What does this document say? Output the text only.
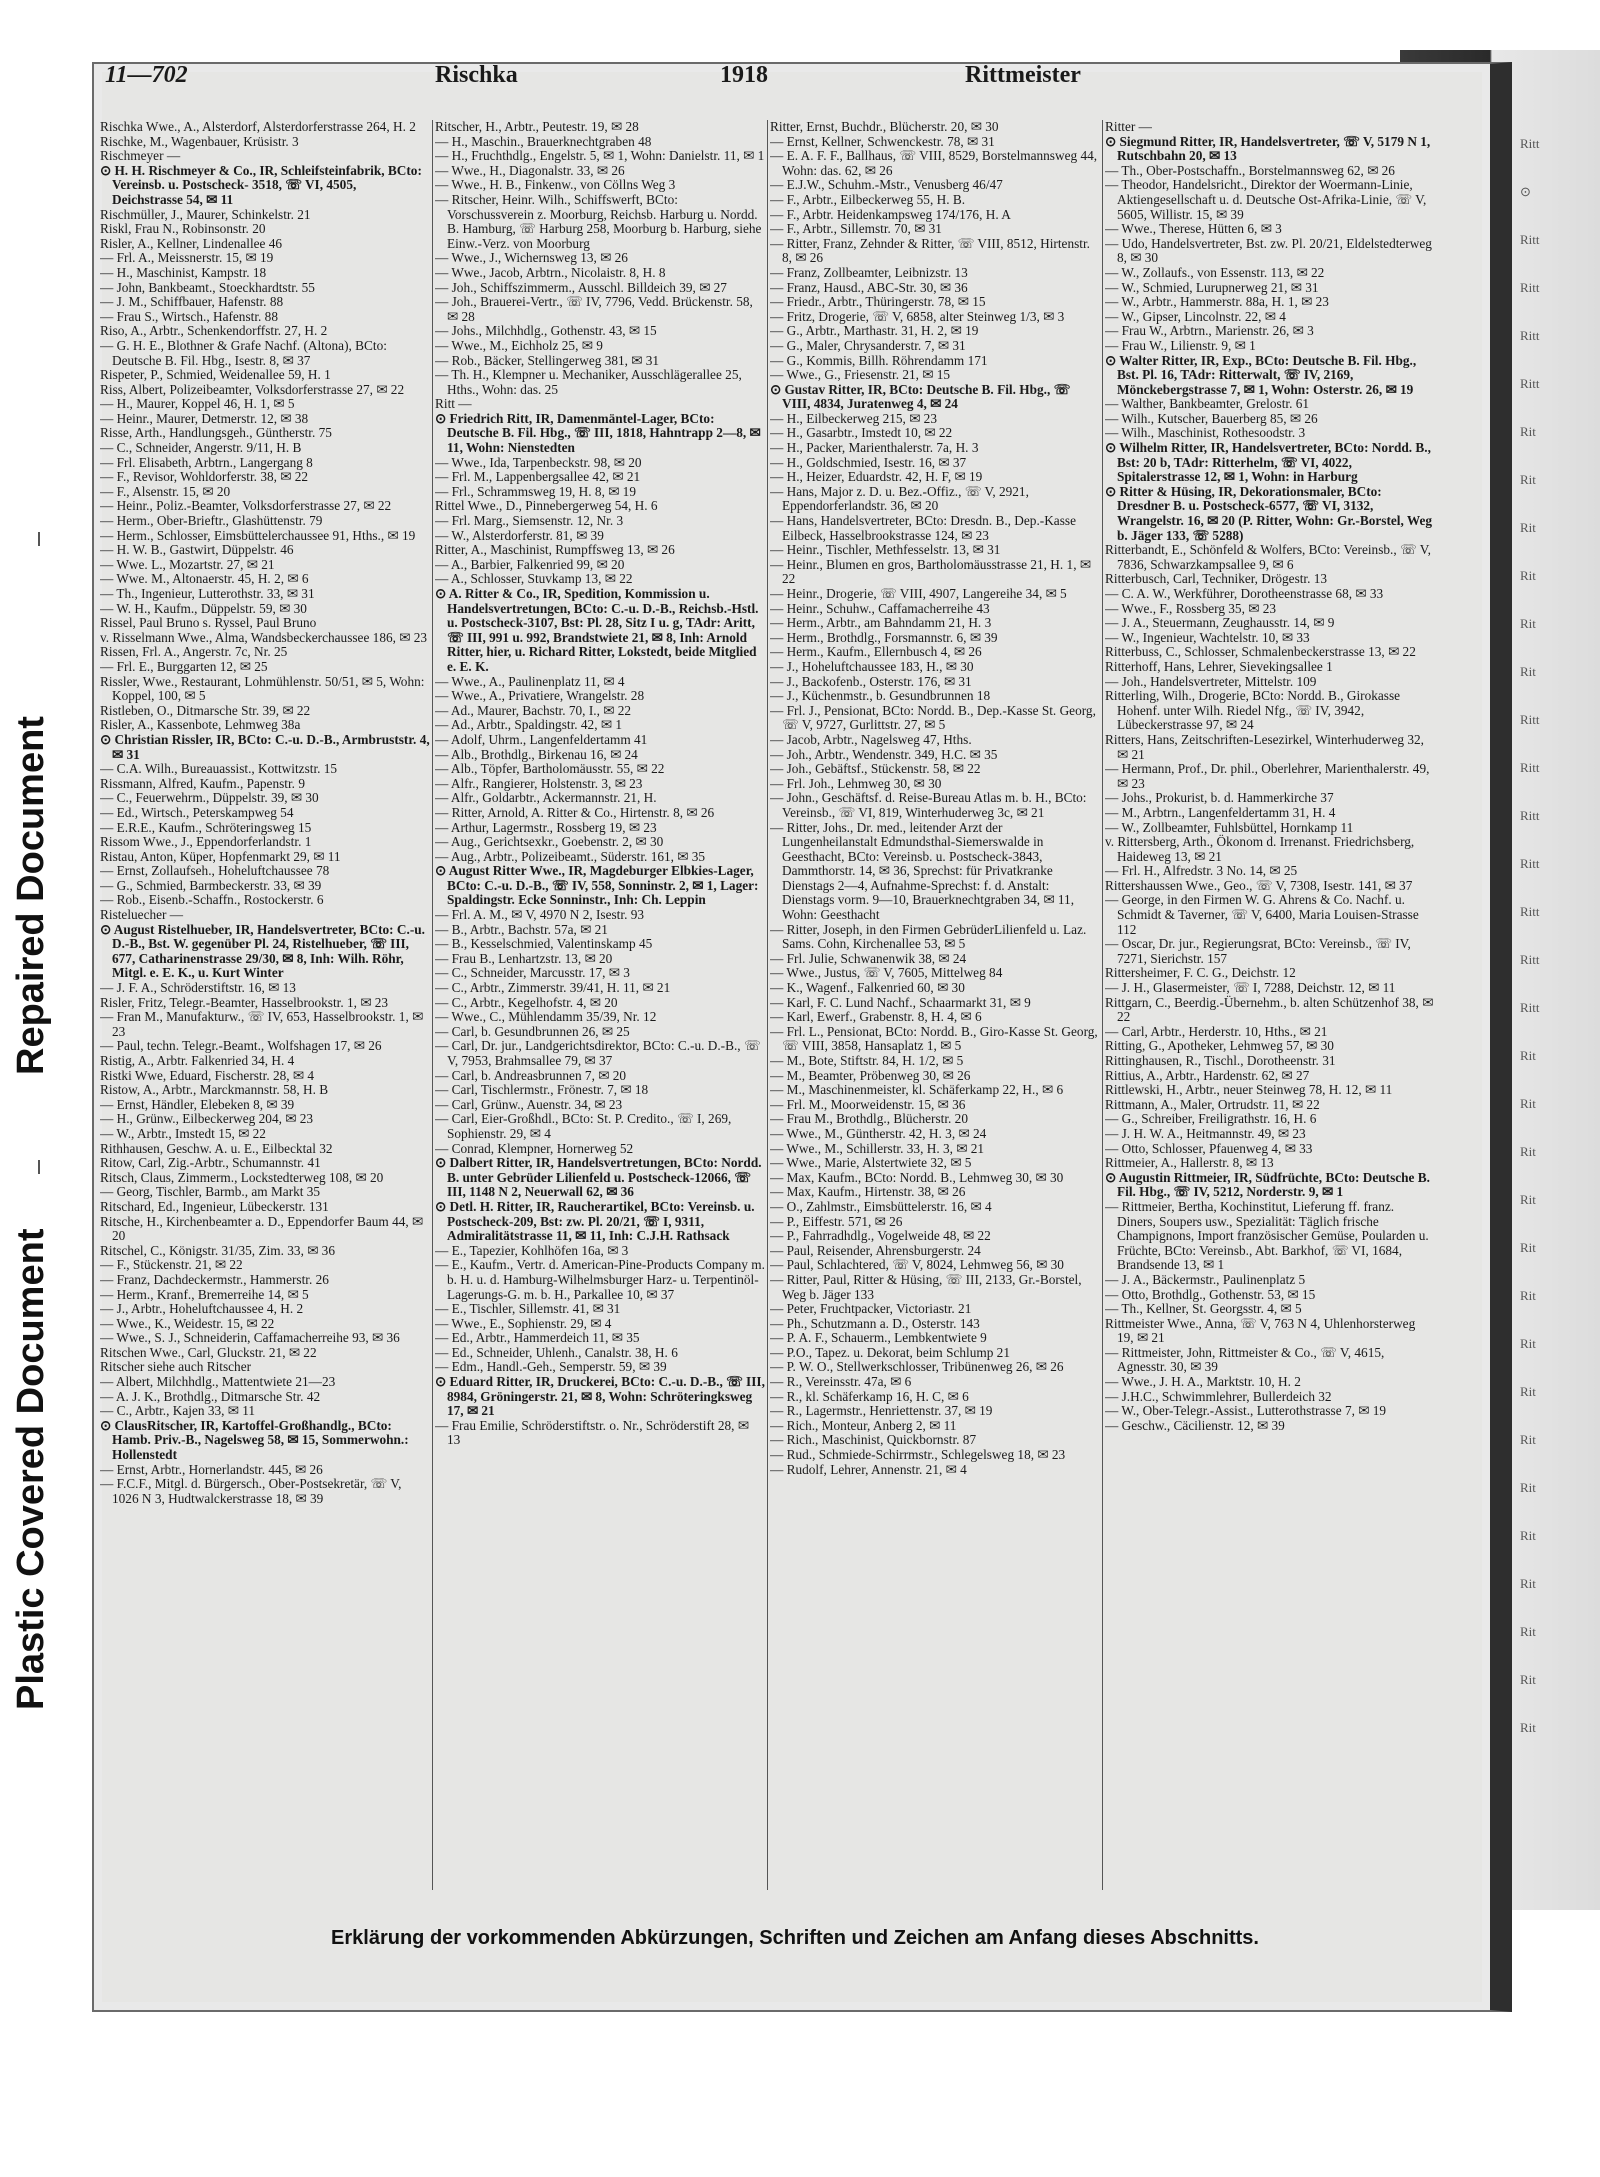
Repaired Document
Plastic Covered Document
11—702	Rischka	1918	Rittmeister

Rischka Wwe., A., Alsterdorf, Alsterdorferstrasse 264, H. 2

Rischke, M., Wagenbauer, Krüsistr. 3

Rischmeyer —

⊙ H. H. Rischmeyer & Co., IR, Schleifsteinfabrik, BCto: Vereinsb. u. Postscheck- 3518, ☏ VI, 4505, Deichstrasse 54, ✉ 11

Rischmüller, J., Maurer, Schinkelstr. 21

Riskl, Frau N., Robinsonstr. 20

Risler, A., Kellner, Lindenallee 46

— Frl. A., Meissnerstr. 15, ✉ 19

— H., Maschinist, Kampstr. 18

— John, Bankbeamt., Stoeckhardtstr. 55

— J. M., Schiffbauer, Hafenstr. 88

— Frau S., Wirtsch., Hafenstr. 88

Riso, A., Arbtr., Schenkendorffstr. 27, H. 2

— G. H. E., Blothner & Grafe Nachf. (Altona), BCto: Deutsche B. Fil. Hbg., Isestr. 8, ✉ 37

Rispeter, P., Schmied, Weidenallee 59, H. 1

Riss, Albert, Polizeibeamter, Volksdorferstrasse 27, ✉ 22

— H., Maurer, Koppel 46, H. 1, ✉ 5

— Heinr., Maurer, Detmerstr. 12, ✉ 38

Risse, Arth., Handlungsgeh., Güntherstr. 75

— C., Schneider, Angerstr. 9/11, H. B

— Frl. Elisabeth, Arbtrn., Langergang 8

— F., Revisor, Wohldorferstr. 38, ✉ 22

— F., Alsenstr. 15, ✉ 20

— Heinr., Poliz.-Beamter, Volksdorferstrasse 27, ✉ 22

— Herm., Ober-Brieftr., Glashüttenstr. 79

— Herm., Schlosser, Eimsbüttelerchaussee 91, Hths., ✉ 19

— H. W. B., Gastwirt, Düppelstr. 46

— Wwe. L., Mozartstr. 27, ✉ 21

— Wwe. M., Altonaerstr. 45, H. 2, ✉ 6

— Th., Ingenieur, Lutterothstr. 33, ✉ 31

— W. H., Kaufm., Düppelstr. 59, ✉ 30

Rissel, Paul Bruno s. Ryssel, Paul Bruno

v. Risselmann Wwe., Alma, Wandsbeckerchaussee 186, ✉ 23

Rissen, Frl. A., Angerstr. 7c, Nr. 25

— Frl. E., Burggarten 12, ✉ 25

Rissler, Wwe., Restaurant, Lohmühlenstr. 50/51, ✉ 5, Wohn: Koppel, 100, ✉ 5

Ristleben, O., Ditmarsche Str. 39, ✉ 22

Risler, A., Kassenbote, Lehmweg 38a

⊙ Christian Rissler, IR, BCto: C.-u. D.-B., Armbruststr. 4, ✉ 31

— C.A. Wilh., Bureauassist., Kottwitzstr. 15

Rissmann, Alfred, Kaufm., Papenstr. 9

— C., Feuerwehrm., Düppelstr. 39, ✉ 30

— Ed., Wirtsch., Peterskampweg 54

— E.R.E., Kaufm., Schröteringsweg 15

Rissom Wwe., J., Eppendorferlandstr. 1

Ristau, Anton, Küper, Hopfenmarkt 29, ✉ 11

— Ernst, Zollaufseh., Hoheluftchaussee 78

— G., Schmied, Barmbeckerstr. 33, ✉ 39

— Rob., Eisenb.-Schaffn., Rostockerstr. 6

Risteluecher —

⊙ August Ristelhueber, IR, Handelsvertreter, BCto: C.-u. D.-B., Bst. W. gegenüber Pl. 24, Ristelhueber, ☏ III, 677, Catharinenstrasse 29/30, ✉ 8, Inh: Wilh. Röhr, Mitgl. e. E. K., u. Kurt Winter

— J. F. A., Schröderstiftstr. 16, ✉ 13

Risler, Fritz, Telegr.-Beamter, Hasselbrookstr. 1, ✉ 23

— Fran M., Manufakturw., ☏ IV, 653, Hasselbrookstr. 1, ✉ 23

— Paul, techn. Telegr.-Beamt., Wolfshagen 17, ✉ 26

Ristig, A., Arbtr. Falkenried 34, H. 4

Ristki Wwe, Eduard, Fischerstr. 28, ✉ 4

Ristow, A., Arbtr., Marckmannstr. 58, H. B

— Ernst, Händler, Elebeken 8, ✉ 39

— H., Grünw., Eilbeckerweg 204, ✉ 23

— W., Arbtr., Imstedt 15, ✉ 22

Rithhausen, Geschw. A. u. E., Eilbecktal 32

Ritow, Carl, Zig.-Arbtr., Schumannstr. 41

Ritsch, Claus, Zimmerm., Lockstedterweg 108, ✉ 20

— Georg, Tischler, Barmb., am Markt 35

Ritschard, Ed., Ingenieur, Lübeckerstr. 131

Ritsche, H., Kirchenbeamter a. D., Eppendorfer Baum 44, ✉ 20

Ritschel, C., Königstr. 31/35, Zim. 33, ✉ 36

— F., Stückenstr. 21, ✉ 22

— Franz, Dachdeckermstr., Hammerstr. 26

— Herm., Kranf., Bremerreihe 14, ✉ 5

— J., Arbtr., Hoheluftchaussee 4, H. 2

— Wwe., K., Weidestr. 15, ✉ 22

— Wwe., S. J., Schneiderin, Caffamacherreihe 93, ✉ 36

Ritschen Wwe., Carl, Gluckstr. 21, ✉ 22

Ritscher siehe auch Ritscher

— Albert, Milchhdlg., Mattentwiete 21—23

— A. J. K., Brothdlg., Ditmarsche Str. 42

— C., Arbtr., Kajen 33, ✉ 11

⊙ ClausRitscher, IR, Kartoffel-Großhandlg., BCto: Hamb. Priv.-B., Nagelsweg 58, ✉ 15, Sommerwohn.: Hollenstedt

— Ernst, Arbtr., Hornerlandstr. 445, ✉ 26

— F.C.F., Mitgl. d. Bürgersch., Ober-Postsekretär, ☏ V, 1026 N 3, Hudtwalckerstrasse 18, ✉ 39

Ritscher, H., Arbtr., Peutestr. 19, ✉ 28

— H., Maschin., Brauerknechtgraben 48

— H., Fruchthdlg., Engelstr. 5, ✉ 1, Wohn: Danielstr. 11, ✉ 1

— Wwe., H., Diagonalstr. 33, ✉ 26

— Wwe., H. B., Finkenw., von Cöllns Weg 3

— Ritscher, Heinr. Wilh., Schiffswerft, BCto: Vorschussverein z. Moorburg, Reichsb. Harburg u. Nordd. B. Hamburg, ☏ Harburg 258, Moorburg b. Harburg, siehe Einw.-Verz. von Moorburg

— Wwe., J., Wichernsweg 13, ✉ 26

— Wwe., Jacob, Arbtrn., Nicolaistr. 8, H. 8

— Joh., Schiffszimmerm., Ausschl. Billdeich 39, ✉ 27

— Joh., Brauerei-Vertr., ☏ IV, 7796, Vedd. Brückenstr. 58, ✉ 28

— Johs., Milchhdlg., Gothenstr. 43, ✉ 15

— Wwe., M., Eichholz 25, ✉ 9

— Rob., Bäcker, Stellingerweg 381, ✉ 31

— Th. H., Klempner u. Mechaniker, Ausschlägerallee 25, Hths., Wohn: das. 25

Ritt —

⊙ Friedrich Ritt, IR, Damenmäntel-Lager, BCto: Deutsche B. Fil. Hbg., ☏ III, 1818, Hahntrapp 2—8, ✉ 11, Wohn: Nienstedten

— Wwe., Ida, Tarpenbeckstr. 98, ✉ 20

— Frl. M., Lappenbergsallee 42, ✉ 21

— Frl., Schrammsweg 19, H. 8, ✉ 19

Rittel Wwe., D., Pinnebergerweg 54, H. 6

— Frl. Marg., Siemsenstr. 12, Nr. 3

— W., Alsterdorferstr. 81, ✉ 39

Ritter, A., Maschinist, Rumpffsweg 13, ✉ 26

— A., Barbier, Falkenried 99, ✉ 20

— A., Schlosser, Stuvkamp 13, ✉ 22

⊙ A. Ritter & Co., IR, Spedition, Kommission u. Handelsvertretungen, BCto: C.-u. D.-B., Reichsb.-Hstl. u. Postscheck-3107, Bst: Pl. 28, Sitz I u. g, TAdr: Aritt, ☏ III, 991 u. 992, Brandstwiete 21, ✉ 8, Inh: Arnold Ritter, hier, u. Richard Ritter, Lokstedt, beide Mitglied e. E. K.

— Wwe., A., Paulinenplatz 11, ✉ 4

— Wwe., A., Privatiere, Wrangelstr. 28

— Ad., Maurer, Bachstr. 70, I., ✉ 22

— Ad., Arbtr., Spaldingstr. 42, ✉ 1

— Adolf, Uhrm., Langenfeldertamm 41

— Alb., Brothdlg., Birkenau 16, ✉ 24

— Alb., Töpfer, Bartholomäusstr. 55, ✉ 22

— Alfr., Rangierer, Holstenstr. 3, ✉ 23

— Alfr., Goldarbtr., Ackermannstr. 21, H.

— Ritter, Arnold, A. Ritter & Co., Hirtenstr. 8, ✉ 26

— Arthur, Lagermstr., Rossberg 19, ✉ 23

— Aug., Gerichtsexkr., Goebenstr. 2, ✉ 30

— Aug., Arbtr., Polizeibeamt., Süderstr. 161, ✉ 35

⊙ August Ritter Wwe., IR, Magdeburger Elbkies-Lager, BCto: C.-u. D.-B., ☏ IV, 558, Sonninstr. 2, ✉ 1, Lager: Spaldingstr. Ecke Sonninstr., Inh: Ch. Leppin

— Frl. A. M., ✉ V, 4970 N 2, Isestr. 93

— B., Arbtr., Bachstr. 57a, ✉ 21

— B., Kesselschmied, Valentinskamp 45

— Frau B., Lenhartzstr. 13, ✉ 20

— C., Schneider, Marcusstr. 17, ✉ 3

— C., Arbtr., Zimmerstr. 39/41, H. 11, ✉ 21

— C., Arbtr., Kegelhofstr. 4, ✉ 20

— Wwe., C., Mühlendamm 35/39, Nr. 12

— Carl, b. Gesundbrunnen 26, ✉ 25

— Carl, Dr. jur., Landgerichtsdirektor, BCto: C.-u. D.-B., ☏ V, 7953, Brahmsallee 79, ✉ 37

— Carl, b. Andreasbrunnen 7, ✉ 20

— Carl, Tischlermstr., Frönestr. 7, ✉ 18

— Carl, Grünw., Auenstr. 34, ✉ 23

— Carl, Eier-Großhdl., BCto: St. P. Credito., ☏ I, 269, Sophienstr. 29, ✉ 4

— Conrad, Klempner, Hornerweg 52

⊙ Dalbert Ritter, IR, Handelsvertretungen, BCto: Nordd. B. unter Gebrüder Lilienfeld u. Postscheck-12066, ☏ III, 1148 N 2, Neuerwall 62, ✉ 36

⊙ Detl. H. Ritter, IR, Raucherartikel, BCto: Vereinsb. u. Postscheck-209, Bst: zw. Pl. 20/21, ☏ I, 9311, Admiralitätstrasse 11, ✉ 11, Inh: C.J.H. Rathsack

— E., Tapezier, Kohlhöfen 16a, ✉ 3

— E., Kaufm., Vertr. d. American-Pine-Products Company m. b. H. u. d. Hamburg-Wilhelmsburger Harz- u. Terpentinöl-Lagerungs-G. m. b. H., Parkallee 10, ✉ 37

— E., Tischler, Sillemstr. 41, ✉ 31

— Wwe., E., Sophienstr. 29, ✉ 4

— Ed., Arbtr., Hammerdeich 11, ✉ 35

— Ed., Schneider, Uhlenh., Canalstr. 38, H. 6

— Edm., Handl.-Geh., Semperstr. 59, ✉ 39

⊙ Eduard Ritter, IR, Druckerei, BCto: C.-u. D.-B., ☏ III, 8984, Gröningerstr. 21, ✉ 8, Wohn: Schröteringksweg 17, ✉ 21

— Frau Emilie, Schröderstiftstr. o. Nr., Schröderstift 28, ✉ 13

Ritter, Ernst, Buchdr., Blücherstr. 20, ✉ 30

— Ernst, Kellner, Schwenckestr. 78, ✉ 31

— E. A. F. F., Ballhaus, ☏ VIII, 8529, Borstelmannsweg 44, Wohn: das. 62, ✉ 26

— E.J.W., Schuhm.-Mstr., Venusberg 46/47

— F., Arbtr., Eilbeckerweg 55, H. B.

— F., Arbtr. Heidenkampsweg 174/176, H. A

— F., Arbtr., Sillemstr. 70, ✉ 31

— Ritter, Franz, Zehnder & Ritter, ☏ VIII, 8512, Hirtenstr. 8, ✉ 26

— Franz, Zollbeamter, Leibnizstr. 13

— Franz, Hausd., ABC-Str. 30, ✉ 36

— Friedr., Arbtr., Thüringerstr. 78, ✉ 15

— Fritz, Drogerie, ☏ V, 6858, alter Steinweg 1/3, ✉ 3

— G., Arbtr., Marthastr. 31, H. 2, ✉ 19

— G., Maler, Chrysanderstr. 7, ✉ 31

— G., Kommis, Billh. Röhrendamm 171

— Wwe., G., Friesenstr. 21, ✉ 15

⊙ Gustav Ritter, IR, BCto: Deutsche B. Fil. Hbg., ☏ VIII, 4834, Juratenweg 4, ✉ 24

— H., Eilbeckerweg 215, ✉ 23

— H., Gasarbtr., Imstedt 10, ✉ 22

— H., Packer, Marienthalerstr. 7a, H. 3

— H., Goldschmied, Isestr. 16, ✉ 37

— H., Heizer, Eduardstr. 42, H. F, ✉ 19

— Hans, Major z. D. u. Bez.-Offiz., ☏ V, 2921, Eppendorferlandstr. 36, ✉ 20

— Hans, Handelsvertreter, BCto: Dresdn. B., Dep.-Kasse Eilbeck, Hasselbrookstrasse 124, ✉ 23

— Heinr., Tischler, Methfesselstr. 13, ✉ 31

— Heinr., Blumen en gros, Bartholomäusstrasse 21, H. 1, ✉ 22

— Heinr., Drogerie, ☏ VIII, 4907, Langereihe 34, ✉ 5

— Heinr., Schuhw., Caffamacherreihe 43

— Herm., Arbtr., am Bahndamm 21, H. 3

— Herm., Brothdlg., Forsmannstr. 6, ✉ 39

— Herm., Kaufm., Ellernbusch 4, ✉ 26

— J., Hoheluftchaussee 183, H., ✉ 30

— J., Backofenb., Osterstr. 176, ✉ 31

— J., Küchenmstr., b. Gesundbrunnen 18

— Frl. J., Pensionat, BCto: Nordd. B., Dep.-Kasse St. Georg, ☏ V, 9727, Gurlittstr. 27, ✉ 5

— Jacob, Arbtr., Nagelsweg 47, Hths.

— Joh., Arbtr., Wendenstr. 349, H.C. ✉ 35

— Joh., Gebäftsf., Stückenstr. 58, ✉ 22

— Frl. Joh., Lehmweg 30, ✉ 30

— John., Geschäftsf. d. Reise-Bureau Atlas m. b. H., BCto: Vereinsb., ☏ VI, 819, Winterhuderweg 3c, ✉ 21

— Ritter, Johs., Dr. med., leitender Arzt der Lungenheilanstalt Edmundsthal-Siemerswalde in Geesthacht, BCto: Vereinsb. u. Postscheck-3843, Dammthorstr. 14, ✉ 36, Sprechst: für Privatkranke Dienstags 2—4, Aufnahme-Sprechst: f. d. Anstalt: Dienstags vorm. 9—10, Brauerknechtgraben 34, ✉ 11, Wohn: Geesthacht

— Ritter, Joseph, in den Firmen GebrüderLilienfeld u. Laz. Sams. Cohn, Kirchenallee 53, ✉ 5

— Frl. Julie, Schwanenwik 38, ✉ 24

— Wwe., Justus, ☏ V, 7605, Mittelweg 84

— K., Wagenf., Falkenried 60, ✉ 30

— Karl, F. C. Lund Nachf., Schaarmarkt 31, ✉ 9

— Karl, Ewerf., Grabenstr. 8, H. 4, ✉ 6

— Frl. L., Pensionat, BCto: Nordd. B., Giro-Kasse St. Georg, ☏ VIII, 3858, Hansaplatz 1, ✉ 5

— M., Bote, Stiftstr. 84, H. 1/2, ✉ 5

— M., Beamter, Pröbenweg 30, ✉ 26

— M., Maschinenmeister, kl. Schäferkamp 22, H., ✉ 6

— Frl. M., Moorweidenstr. 15, ✉ 36

— Frau M., Brothdlg., Blücherstr. 20

— Wwe., M., Güntherstr. 42, H. 3, ✉ 24

— Wwe., M., Schillerstr. 33, H. 3, ✉ 21

— Wwe., Marie, Alstertwiete 32, ✉ 5

— Max, Kaufm., BCto: Nordd. B., Lehmweg 30, ✉ 30

— Max, Kaufm., Hirtenstr. 38, ✉ 26

— O., Zahlmstr., Eimsbüttelerstr. 16, ✉ 4

— P., Eiffestr. 571, ✉ 26

— P., Fahrradhdlg., Vogelweide 48, ✉ 22

— Paul, Reisender, Ahrensburgerstr. 24

— Paul, Schlachtered, ☏ V, 8024, Lehmweg 56, ✉ 30

— Ritter, Paul, Ritter & Hüsing, ☏ III, 2133, Gr.-Borstel, Weg b. Jäger 133

— Peter, Fruchtpacker, Victoriastr. 21

— Ph., Schutzmann a. D., Osterstr. 143

— P. A. F., Schauerm., Lembkentwiete 9

— P.O., Tapez. u. Dekorat, beim Schlump 21

— P. W. O., Stellwerkschlosser, Tribünenweg 26, ✉ 26

— R., Vereinsstr. 47a, ✉ 6

— R., kl. Schäferkamp 16, H. C, ✉ 6

— R., Lagermstr., Henriettenstr. 37, ✉ 19

— Rich., Monteur, Anberg 2, ✉ 11

— Rich., Maschinist, Quickbornstr. 87

— Rud., Schmiede-Schirrmstr., Schlegelsweg 18, ✉ 23

— Rudolf, Lehrer, Annenstr. 21, ✉ 4

Ritter —

⊙ Siegmund Ritter, IR, Handelsvertreter, ☏ V, 5179 N 1, Rutschbahn 20, ✉ 13

— Th., Ober-Postschaffn., Borstelmannsweg 62, ✉ 26

— Theodor, Handelsricht., Direktor der Woermann-Linie, Aktiengesellschaft u. d. Deutsche Ost-Afrika-Linie, ☏ V, 5605, Willistr. 15, ✉ 39

— Wwe., Therese, Hütten 6, ✉ 3

— Udo, Handelsvertreter, Bst. zw. Pl. 20/21, Eldelstedterweg 8, ✉ 30

— W., Zollaufs., von Essenstr. 113, ✉ 22

— W., Schmied, Lurupnerweg 21, ✉ 31

— W., Arbtr., Hammerstr. 88a, H. 1, ✉ 23

— W., Gipser, Lincolnstr. 22, ✉ 4

— Frau W., Arbtrn., Marienstr. 26, ✉ 3

— Frau W., Lilienstr. 9, ✉ 1

⊙ Walter Ritter, IR, Exp., BCto: Deutsche B. Fil. Hbg., Bst. Pl. 16, TAdr: Ritterwalt, ☏ IV, 2169, Mönckebergstrasse 7, ✉ 1, Wohn: Osterstr. 26, ✉ 19

— Walther, Bankbeamter, Grelostr. 61

— Wilh., Kutscher, Bauerberg 85, ✉ 26

— Wilh., Maschinist, Rothesoodstr. 3

⊙ Wilhelm Ritter, IR, Handelsvertreter, BCto: Nordd. B., Bst: 20 b, TAdr: Ritterhelm, ☏ VI, 4022, Spitalerstrasse 12, ✉ 1, Wohn: in Harburg

⊙ Ritter & Hüsing, IR, Dekorationsmaler, BCto: Dresdner B. u. Postscheck-6577, ☏ VI, 3132, Wrangelstr. 16, ✉ 20 (P. Ritter, Wohn: Gr.-Borstel, Weg b. Jäger 133, ☏ 5288)

Ritterbandt, E., Schönfeld & Wolfers, BCto: Vereinsb., ☏ V, 7836, Schwarzkampsallee 9, ✉ 6

Ritterbusch, Carl, Techniker, Drögestr. 13

— C. A. W., Werkführer, Dorotheenstrasse 68, ✉ 33

— Wwe., F., Rossberg 35, ✉ 23

— J. A., Steuermann, Zeughausstr. 14, ✉ 9

— W., Ingenieur, Wachtelstr. 10, ✉ 33

Ritterbuss, C., Schlosser, Schmalenbeckerstrasse 13, ✉ 22

Ritterhoff, Hans, Lehrer, Sievekingsallee 1

— Joh., Handelsvertreter, Mittelstr. 109

Ritterling, Wilh., Drogerie, BCto: Nordd. B., Girokasse Hohenf. unter Wilh. Riedel Nfg., ☏ IV, 3942, Lübeckerstrasse 97, ✉ 24

Ritters, Hans, Zeitschriften-Lesezirkel, Winterhuderweg 32, ✉ 21

— Hermann, Prof., Dr. phil., Oberlehrer, Marienthalerstr. 49, ✉ 23

— Johs., Prokurist, b. d. Hammerkirche 37

— M., Arbtrn., Langenfeldertamm 31, H. 4

— W., Zollbeamter, Fuhlsbüttel, Hornkamp 11

v. Rittersberg, Arth., Ökonom d. Irrenanst. Friedrichsberg, Haideweg 13, ✉ 21

— Frl. H., Alfredstr. 3 No. 14, ✉ 25

Rittershaussen Wwe., Geo., ☏ V, 7308, Isestr. 141, ✉ 37

— George, in den Firmen W. G. Ahrens & Co. Nachf. u. Schmidt & Taverner, ☏ V, 6400, Maria Louisen-Strasse 112

— Oscar, Dr. jur., Regierungsrat, BCto: Vereinsb., ☏ IV, 7271, Sierichstr. 157

Rittersheimer, F. C. G., Deichstr. 12

— J. H., Glasermeister, ☏ I, 7288, Deichstr. 12, ✉ 11

Rittgarn, C., Beerdig.-Übernehm., b. alten Schützenhof 38, ✉ 22

— Carl, Arbtr., Herderstr. 10, Hths., ✉ 21

Ritting, G., Apotheker, Lehmweg 57, ✉ 30

Rittinghausen, R., Tischl., Dorotheenstr. 31

Rittius, A., Arbtr., Hardenstr. 62, ✉ 27

Rittlewski, H., Arbtr., neuer Steinweg 78, H. 12, ✉ 11

Rittmann, A., Maler, Ortrudstr. 11, ✉ 22

— G., Schreiber, Freiligrathstr. 16, H. 6

— J. H. W. A., Heitmannstr. 49, ✉ 23

— Otto, Schlosser, Pfauenweg 4, ✉ 33

Rittmeier, A., Hallerstr. 8, ✉ 13

⊙ Augustin Rittmeier, IR, Südfrüchte, BCto: Deutsche B. Fil. Hbg., ☏ IV, 5212, Norderstr. 9, ✉ 1

— Rittmeier, Bertha, Kochinstitut, Lieferung ff. franz. Diners, Soupers usw., Spezialität: Täglich frische Champignons, Import französischer Gemüse, Poularden u. Früchte, BCto: Vereinsb., Abt. Barkhof, ☏ VI, 1684, Brandsende 13, ✉ 1

— J. A., Bäckermstr., Paulinenplatz 5

— Otto, Brothdlg., Gothenstr. 53, ✉ 15

— Th., Kellner, St. Georgsstr. 4, ✉ 5

Rittmeister Wwe., Anna, ☏ V, 763 N 4, Uhlenhorsterweg 19, ✉ 21

— Rittmeister, John, Rittmeister & Co., ☏ V, 4615, Agnesstr. 30, ✉ 39

— Wwe., J. H. A., Marktstr. 10, H. 2

— J.H.C., Schwimmlehrer, Bullerdeich 32

— W., Ober-Telegr.-Assist., Lutterothstrasse 7, ✉ 19

— Geschw., Cäcilienstr. 12, ✉ 39

Erklärung der vorkommenden Abkürzungen, Schriften und Zeichen am Anfang dieses Abschnitts.
Ritt
⊙
Ritt
Ritt
Ritt
Ritt
Rit
Rit
Rit
Rit
Rit
Rit
Ritt
Ritt
Ritt
Ritt
Ritt
Ritt
Ritt
Rit
Rit
Rit
Rit
Rit
Rit
Rit
Rit
Rit
Rit
Rit
Rit
Rit
Rit
Rit
